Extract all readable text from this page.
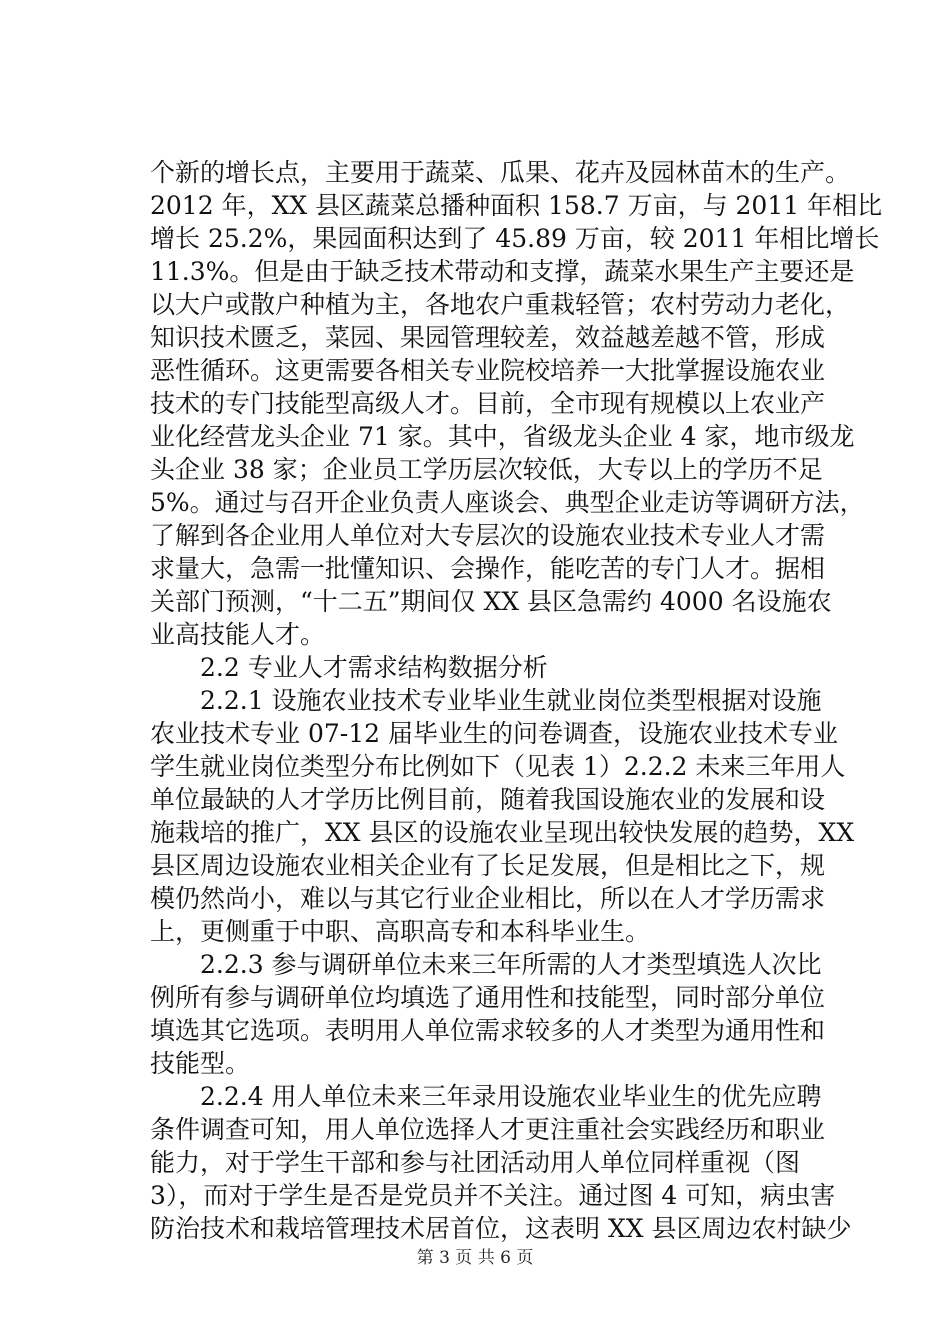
个新的增长点，主要用于蔬菜、瓜果、花卉及园林苗木的生产。
2012 年，XX 县区蔬菜总播种面积 158.7 万亩，与 2011 年相比
增长 25.2%，果园面积达到了 45.89 万亩，较 2011 年相比增长
11.3%。但是由于缺乏技术带动和支撑，蔬菜水果生产主要还是
以大户或散户种植为主，各地农户重栽轻管；农村劳动力老化，
知识技术匮乏，菜园、果园管理较差，效益越差越不管，形成
恶性循环。这更需要各相关专业院校培养一大批掌握设施农业
技术的专门技能型高级人才。目前，全市现有规模以上农业产
业化经营龙头企业 71 家。其中，省级龙头企业 4 家，地市级龙
头企业 38 家；企业员工学历层次较低，大专以上的学历不足
5%。通过与召开企业负责人座谈会、典型企业走访等调研方法，
了解到各企业用人单位对大专层次的设施农业技术专业人才需
求量大，急需一批懂知识、会操作，能吃苦的专门人才。据相
关部门预测，“十二五”期间仅 XX 县区急需约 4000 名设施农
业高技能人才。
　　2.2 专业人才需求结构数据分析
　　2.2.1 设施农业技术专业毕业生就业岗位类型根据对设施
农业技术专业 07-12 届毕业生的问卷调查，设施农业技术专业
学生就业岗位类型分布比例如下（见表 1）2.2.2 未来三年用人
单位最缺的人才学历比例目前，随着我国设施农业的发展和设
施栽培的推广，XX 县区的设施农业呈现出较快发展的趋势，XX
县区周边设施农业相关企业有了长足发展，但是相比之下，规
模仍然尚小，难以与其它行业企业相比，所以在人才学历需求
上，更侧重于中职、高职高专和本科毕业生。
　　2.2.3 参与调研单位未来三年所需的人才类型填选人次比
例所有参与调研单位均填选了通用性和技能型，同时部分单位
填选其它选项。表明用人单位需求较多的人才类型为通用性和
技能型。
　　2.2.4 用人单位未来三年录用设施农业毕业生的优先应聘
条件调查可知，用人单位选择人才更注重社会实践经历和职业
能力，对于学生干部和参与社团活动用人单位同样重视（图
3），而对于学生是否是党员并不关注。通过图 4 可知，病虫害
防治技术和栽培管理技术居首位，这表明 XX 县区周边农村缺少
第 3 页 共 6 页
